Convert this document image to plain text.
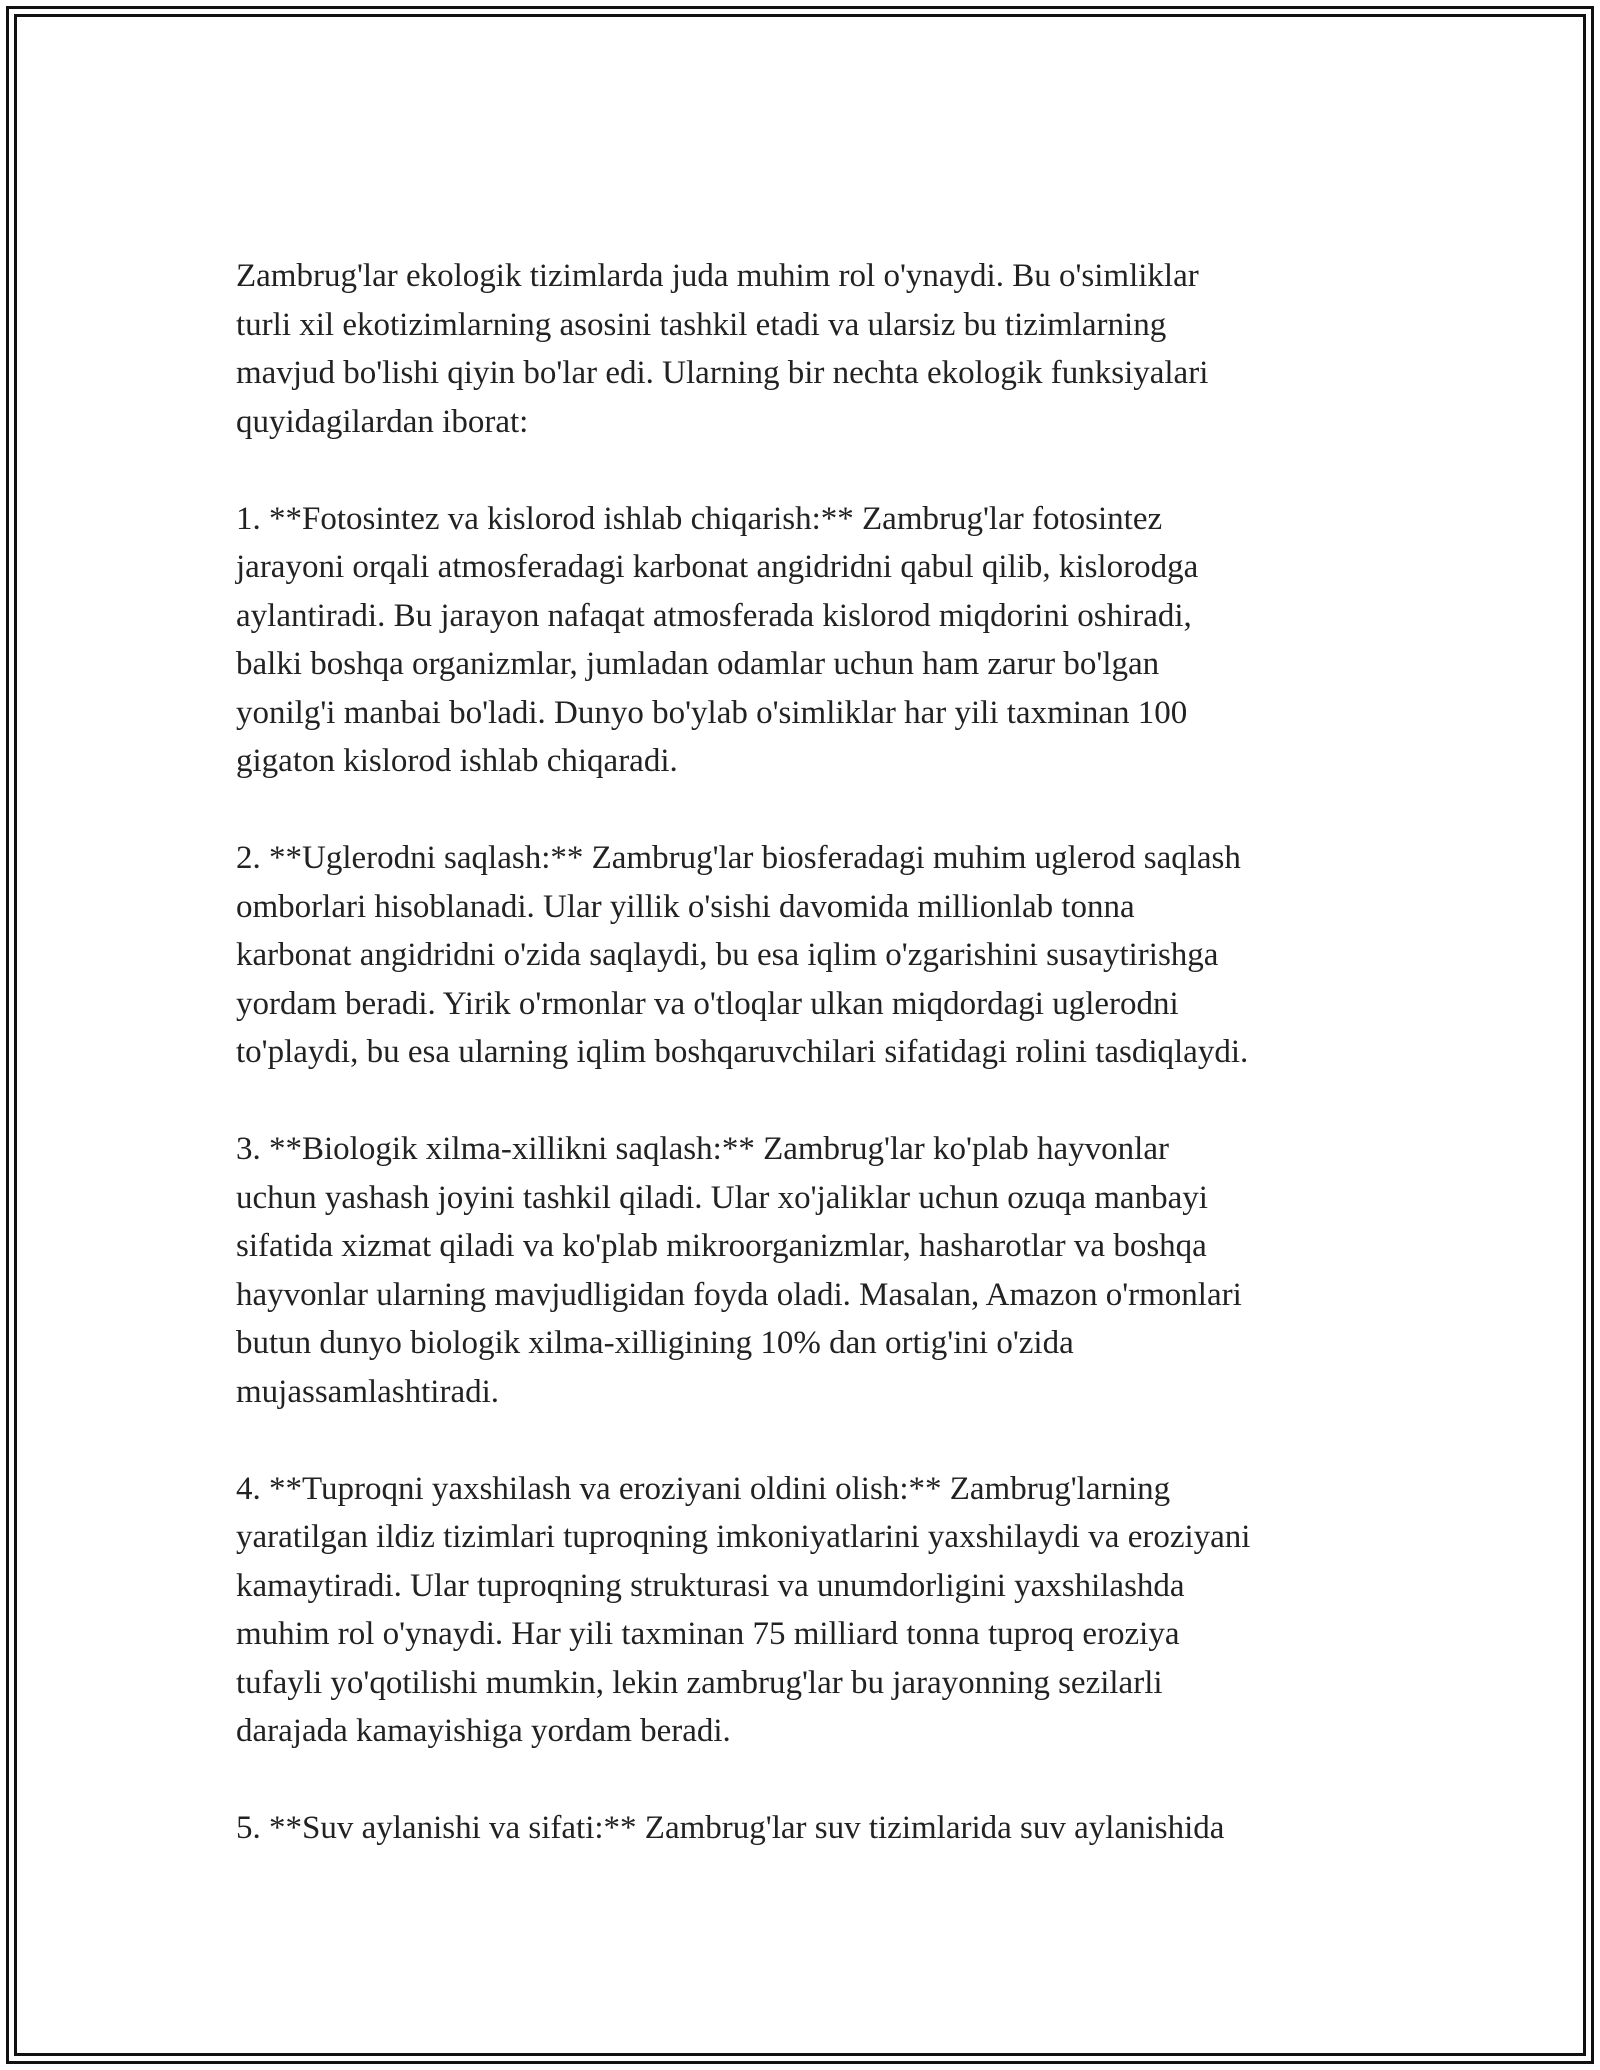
Zambrug'lar ekologik tizimlarda juda muhim rol o'ynaydi. Bu o'simliklar
turli xil ekotizimlarning asosini tashkil etadi va ularsiz bu tizimlarning
mavjud bo'lishi qiyin bo'lar edi. Ularning bir nechta ekologik funksiyalari
quyidagilardan iborat:
1. **Fotosintez va kislorod ishlab chiqarish:** Zambrug'lar fotosintez
jarayoni orqali atmosferadagi karbonat angidridni qabul qilib, kislorodga
aylantiradi. Bu jarayon nafaqat atmosferada kislorod miqdorini oshiradi,
balki boshqa organizmlar, jumladan odamlar uchun ham zarur bo'lgan
yonilg'i manbai bo'ladi. Dunyo bo'ylab o'simliklar har yili taxminan 100
gigaton kislorod ishlab chiqaradi.
2. **Uglerodni saqlash:** Zambrug'lar biosferadagi muhim uglerod saqlash
omborlari hisoblanadi. Ular yillik o'sishi davomida millionlab tonna
karbonat angidridni o'zida saqlaydi, bu esa iqlim o'zgarishini susaytirishga
yordam beradi. Yirik o'rmonlar va o'tloqlar ulkan miqdordagi uglerodni
to'playdi, bu esa ularning iqlim boshqaruvchilari sifatidagi rolini tasdiqlaydi.
3. **Biologik xilma-xillikni saqlash:** Zambrug'lar ko'plab hayvonlar
uchun yashash joyini tashkil qiladi. Ular xo'jaliklar uchun ozuqa manbayi
sifatida xizmat qiladi va ko'plab mikroorganizmlar, hasharotlar va boshqa
hayvonlar ularning mavjudligidan foyda oladi. Masalan, Amazon o'rmonlari
butun dunyo biologik xilma-xilligining 10% dan ortig'ini o'zida
mujassamlashtiradi.
4. **Tuproqni yaxshilash va eroziyani oldini olish:** Zambrug'larning
yaratilgan ildiz tizimlari tuproqning imkoniyatlarini yaxshilaydi va eroziyani
kamaytiradi. Ular tuproqning strukturasi va unumdorligini yaxshilashda
muhim rol o'ynaydi. Har yili taxminan 75 milliard tonna tuproq eroziya
tufayli yo'qotilishi mumkin, lekin zambrug'lar bu jarayonning sezilarli
darajada kamayishiga yordam beradi.
5. **Suv aylanishi va sifati:** Zambrug'lar suv tizimlarida suv aylanishida
